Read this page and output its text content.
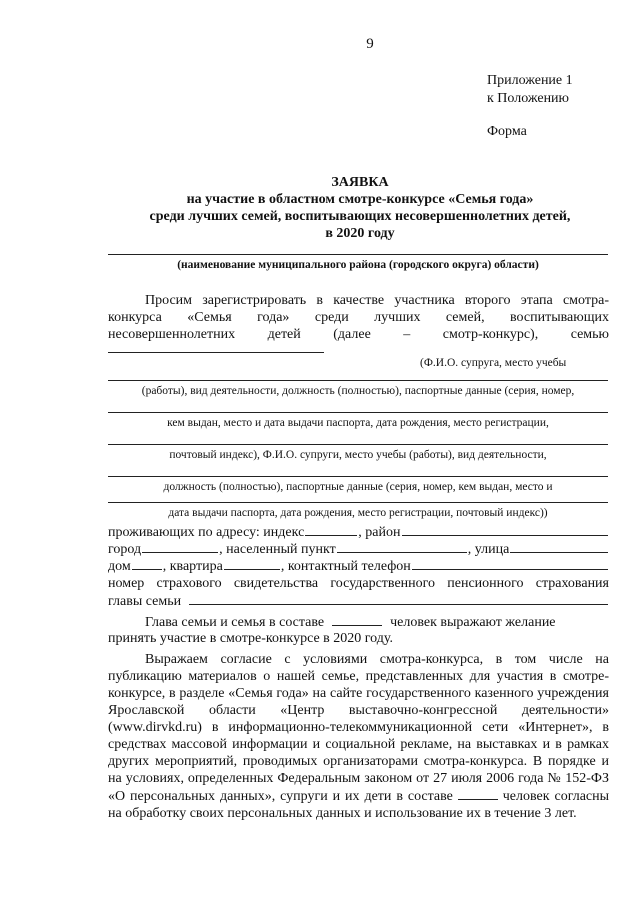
9
Приложение 1
к Положению
Форма
ЗАЯВКА
на участие в областном смотре-конкурсе «Семья года»
среди лучших семей, воспитывающих несовершеннолетних детей,
в 2020 году
(наименование муниципального района (городского округа) области)
Просим зарегистрировать в качестве участника второго этапа смотра-
конкурса «Семья года» среди лучших семей, воспитывающих
несовершеннолетних детей (далее – смотр-конкурс), семью
(Ф.И.О. супруга, место учебы
(работы), вид деятельности, должность (полностью), паспортные данные (серия, номер,
кем выдан, место и дата выдачи паспорта, дата рождения, место регистрации,
почтовый индекс), Ф.И.О. супруги, место учебы (работы), вид деятельности,
должность (полностью), паспортные данные (серия, номер, кем выдан, место и
дата выдачи паспорта, дата рождения, место регистрации, почтовый индекс))
проживающих по адресу: индекс	, район
город	, населенный пункт	, улица
дом , квартира	, контактный телефон
номер страхового свидетельства государственного пенсионного страхования
главы семьи
Глава семьи и семья в составе	человек выражают желание
принять участие в смотре-конкурсе в 2020 году.
Выражаем согласие с условиями смотра-конкурса, в том числе на публикацию материалов о нашей семье, представленных для участия в смотре-конкурсе, в разделе «Семья года» на сайте государственного казенного учреждения Ярославской области «Центр выставочно-конгрессной деятельности» (www.dirvkd.ru) в информационно-телекоммуникационной сети «Интернет», в средствах массовой информации и социальной рекламе, на выставках и в рамках других мероприятий, проводимых организаторами смотра-конкурса. В порядке и на условиях, определенных Федеральным законом от 27 июля 2006 года № 152-ФЗ «О персональных данных», супруги и их дети в составе	человек согласны на обработку своих персональных данных и использование их в течение 3 лет.
